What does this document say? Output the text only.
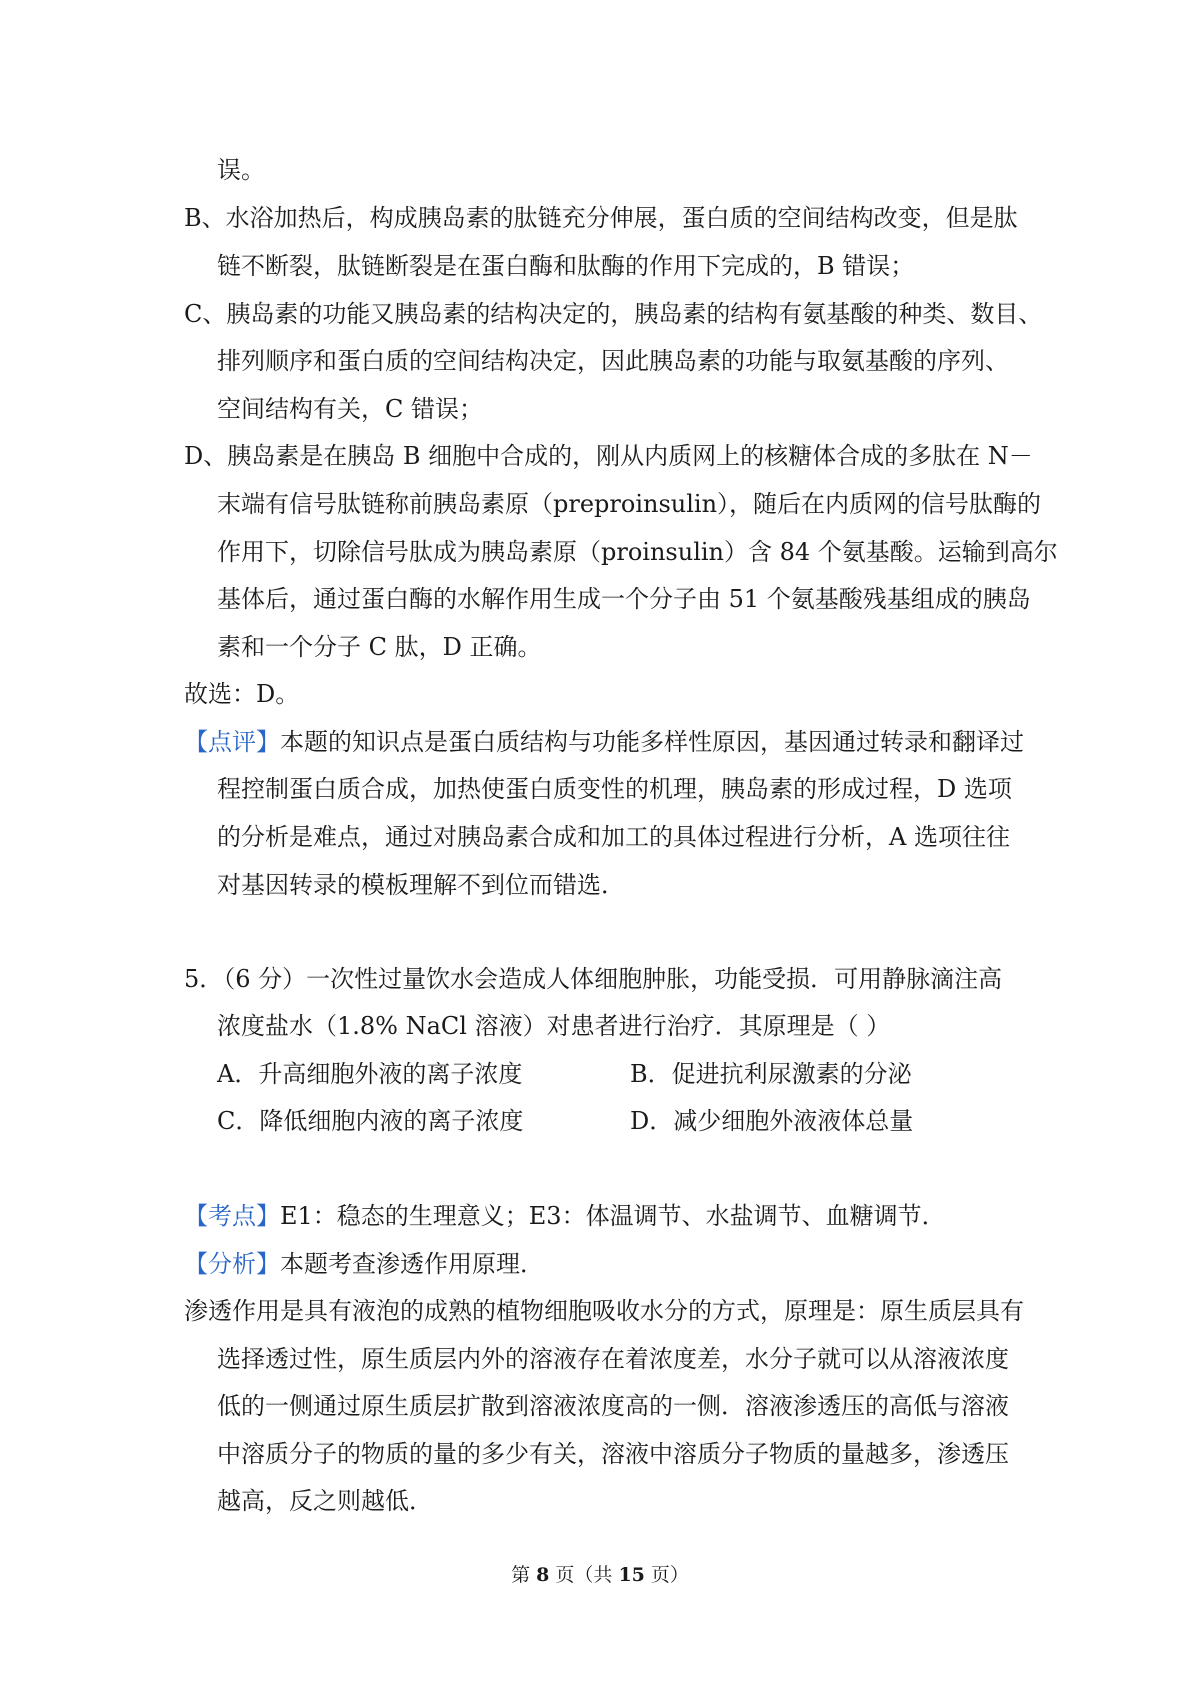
误。
B、水浴加热后，构成胰岛素的肽链充分伸展，蛋白质的空间结构改变，但是肽
链不断裂，肽链断裂是在蛋白酶和肽酶的作用下完成的，B 错误；
C、胰岛素的功能又胰岛素的结构决定的，胰岛素的结构有氨基酸的种类、数目、
排列顺序和蛋白质的空间结构决定，因此胰岛素的功能与取氨基酸的序列、
空间结构有关，C 错误；
D、胰岛素是在胰岛 B 细胞中合成的，刚从内质网上的核糖体合成的多肽在 N－
末端有信号肽链称前胰岛素原（preproinsulin），随后在内质网的信号肽酶的
作用下，切除信号肽成为胰岛素原（proinsulin）含 84 个氨基酸。运输到高尔
基体后，通过蛋白酶的水解作用生成一个分子由 51 个氨基酸残基组成的胰岛
素和一个分子 C 肽，D 正确。
故选：D。
【点评】本题的知识点是蛋白质结构与功能多样性原因，基因通过转录和翻译过
程控制蛋白质合成，加热使蛋白质变性的机理，胰岛素的形成过程，D 选项
的分析是难点，通过对胰岛素合成和加工的具体过程进行分析，A 选项往往
对基因转录的模板理解不到位而错选．
5．（6 分）一次性过量饮水会造成人体细胞肿胀，功能受损．可用静脉滴注高
浓度盐水（1.8% NaCl 溶液）对患者进行治疗．其原理是（ ）
A．升高细胞外液的离子浓度	B．促进抗利尿激素的分泌
C．降低细胞内液的离子浓度	D．减少细胞外液液体总量
【考点】E1：稳态的生理意义；E3：体温调节、水盐调节、血糖调节．
【分析】本题考查渗透作用原理．
渗透作用是具有液泡的成熟的植物细胞吸收水分的方式，原理是：原生质层具有
选择透过性，原生质层内外的溶液存在着浓度差，水分子就可以从溶液浓度
低的一侧通过原生质层扩散到溶液浓度高的一侧．溶液渗透压的高低与溶液
中溶质分子的物质的量的多少有关，溶液中溶质分子物质的量越多，渗透压
越高，反之则越低．
第 8 页（共 15 页）
